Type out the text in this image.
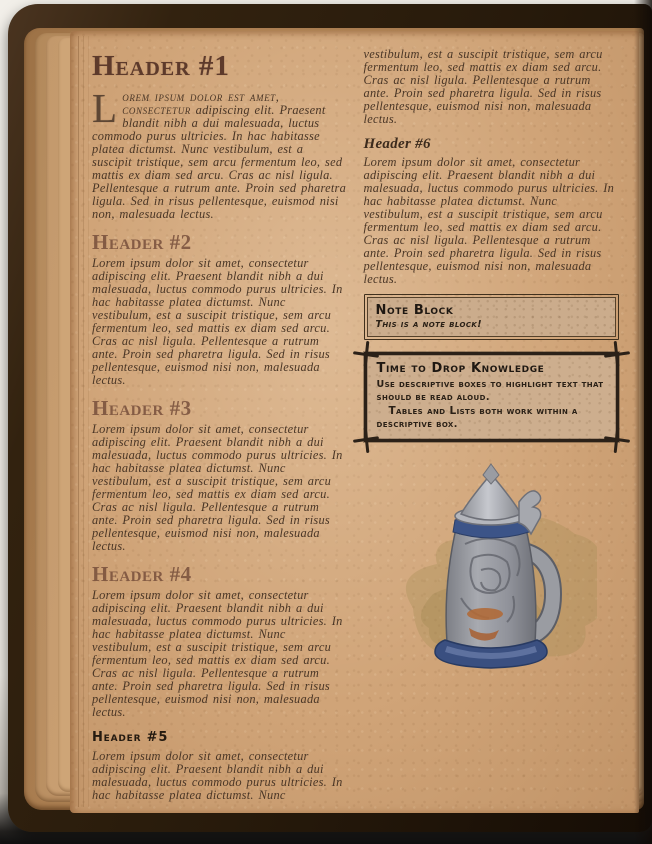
Header #1

Lorem ipsum dolor est amet, consectetur adipiscing elit. Praesent blandit nibh a dui malesuada, luctus commodo purus ultricies. In hac habitasse platea dictumst. Nunc vestibulum, est a suscipit tristique, sem arcu fermentum leo, sed mattis ex diam sed arcu. Cras ac nisl ligula. Pellentesque a rutrum ante. Proin sed pharetra ligula. Sed in risus pellentesque, euismod nisi non, malesuada lectus.

Header #2

Lorem ipsum dolor sit amet, consectetur adipiscing elit. Praesent blandit nibh a dui malesuada, luctus commodo purus ultricies. In hac habitasse platea dictumst. Nunc vestibulum, est a suscipit tristique, sem arcu fermentum leo, sed mattis ex diam sed arcu. Cras ac nisl ligula. Pellentesque a rutrum ante. Proin sed pharetra ligula. Sed in risus pellentesque, euismod nisi non, malesuada lectus.

Header #3

Lorem ipsum dolor sit amet, consectetur adipiscing elit. Praesent blandit nibh a dui malesuada, luctus commodo purus ultricies. In hac habitasse platea dictumst. Nunc vestibulum, est a suscipit tristique, sem arcu fermentum leo, sed mattis ex diam sed arcu. Cras ac nisl ligula. Pellentesque a rutrum ante. Proin sed pharetra ligula. Sed in risus pellentesque, euismod nisi non, malesuada lectus.

Header #4

Lorem ipsum dolor sit amet, consectetur adipiscing elit. Praesent blandit nibh a dui malesuada, luctus commodo purus ultricies. In hac habitasse platea dictumst. Nunc vestibulum, est a suscipit tristique, sem arcu fermentum leo, sed mattis ex diam sed arcu. Cras ac nisl ligula. Pellentesque a rutrum ante. Proin sed pharetra ligula. Sed in risus pellentesque, euismod nisi non, malesuada lectus.

Header #5

Lorem ipsum dolor sit amet, consectetur adipiscing elit. Praesent blandit nibh a dui malesuada, luctus commodo purus ultricies. In hac habitasse platea dictumst. Nunc

vestibulum, est a suscipit tristique, sem arcu fermentum leo, sed mattis ex diam sed arcu. Cras ac nisl ligula. Pellentesque a rutrum ante. Proin sed pharetra ligula. Sed in risus pellentesque, euismod nisi non, malesuada lectus.

Header #6

Lorem ipsum dolor sit amet, consectetur adipiscing elit. Praesent blandit nibh a dui malesuada, luctus commodo purus ultricies. In hac habitasse platea dictumst. Nunc vestibulum, est a suscipit tristique, sem arcu fermentum leo, sed mattis ex diam sed arcu. Cras ac nisl ligula. Pellentesque a rutrum ante. Proin sed pharetra ligula. Sed in risus pellentesque, euismod nisi non, malesuada lectus.

Note Block
This is a note block!
Time to Drop Knowledge
Use descriptive boxes to highlight text that should be read aloud.
Tables and Lists both work within a descriptive box.
